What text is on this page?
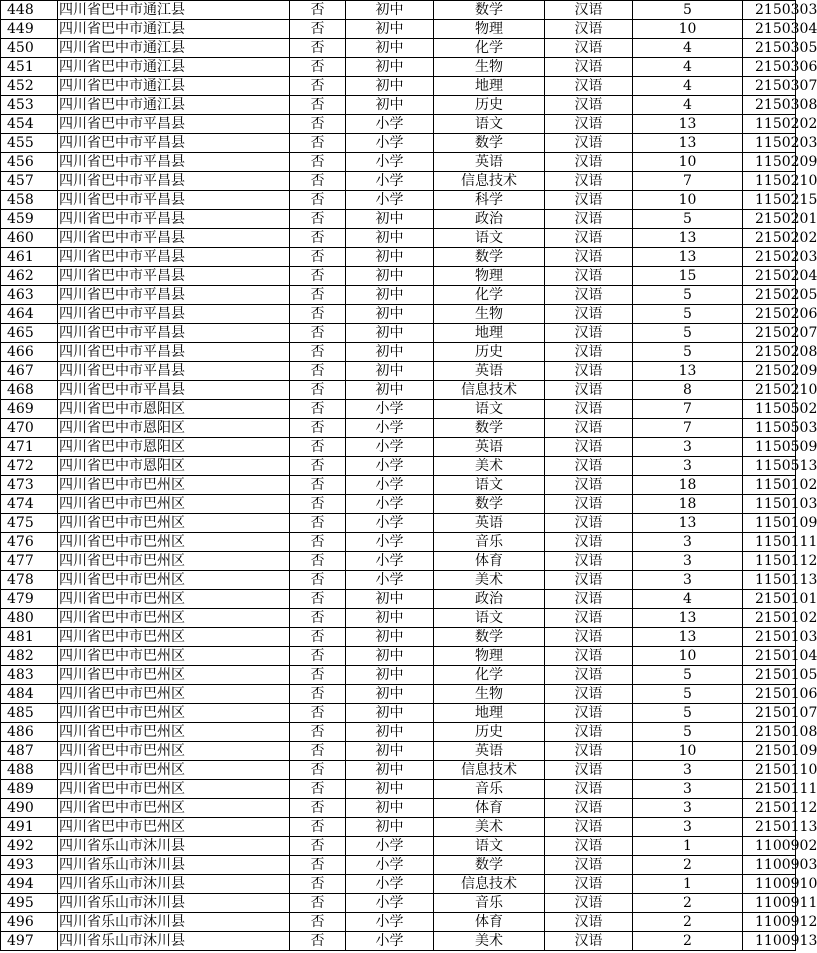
448	四川省巴中市通江县	否	初中	数学	汉语	5	2150303
449	四川省巴中市通江县	否	初中	物理	汉语	10	2150304
450	四川省巴中市通江县	否	初中	化学	汉语	4	2150305
451	四川省巴中市通江县	否	初中	生物	汉语	4	2150306
452	四川省巴中市通江县	否	初中	地理	汉语	4	2150307
453	四川省巴中市通江县	否	初中	历史	汉语	4	2150308
454	四川省巴中市平昌县	否	小学	语文	汉语	13	1150202
455	四川省巴中市平昌县	否	小学	数学	汉语	13	1150203
456	四川省巴中市平昌县	否	小学	英语	汉语	10	1150209
457	四川省巴中市平昌县	否	小学	信息技术	汉语	7	1150210
458	四川省巴中市平昌县	否	小学	科学	汉语	10	1150215
459	四川省巴中市平昌县	否	初中	政治	汉语	5	2150201
460	四川省巴中市平昌县	否	初中	语文	汉语	13	2150202
461	四川省巴中市平昌县	否	初中	数学	汉语	13	2150203
462	四川省巴中市平昌县	否	初中	物理	汉语	15	2150204
463	四川省巴中市平昌县	否	初中	化学	汉语	5	2150205
464	四川省巴中市平昌县	否	初中	生物	汉语	5	2150206
465	四川省巴中市平昌县	否	初中	地理	汉语	5	2150207
466	四川省巴中市平昌县	否	初中	历史	汉语	5	2150208
467	四川省巴中市平昌县	否	初中	英语	汉语	13	2150209
468	四川省巴中市平昌县	否	初中	信息技术	汉语	8	2150210
469	四川省巴中市恩阳区	否	小学	语文	汉语	7	1150502
470	四川省巴中市恩阳区	否	小学	数学	汉语	7	1150503
471	四川省巴中市恩阳区	否	小学	英语	汉语	3	1150509
472	四川省巴中市恩阳区	否	小学	美术	汉语	3	1150513
473	四川省巴中市巴州区	否	小学	语文	汉语	18	1150102
474	四川省巴中市巴州区	否	小学	数学	汉语	18	1150103
475	四川省巴中市巴州区	否	小学	英语	汉语	13	1150109
476	四川省巴中市巴州区	否	小学	音乐	汉语	3	1150111
477	四川省巴中市巴州区	否	小学	体育	汉语	3	1150112
478	四川省巴中市巴州区	否	小学	美术	汉语	3	1150113
479	四川省巴中市巴州区	否	初中	政治	汉语	4	2150101
480	四川省巴中市巴州区	否	初中	语文	汉语	13	2150102
481	四川省巴中市巴州区	否	初中	数学	汉语	13	2150103
482	四川省巴中市巴州区	否	初中	物理	汉语	10	2150104
483	四川省巴中市巴州区	否	初中	化学	汉语	5	2150105
484	四川省巴中市巴州区	否	初中	生物	汉语	5	2150106
485	四川省巴中市巴州区	否	初中	地理	汉语	5	2150107
486	四川省巴中市巴州区	否	初中	历史	汉语	5	2150108
487	四川省巴中市巴州区	否	初中	英语	汉语	10	2150109
488	四川省巴中市巴州区	否	初中	信息技术	汉语	3	2150110
489	四川省巴中市巴州区	否	初中	音乐	汉语	3	2150111
490	四川省巴中市巴州区	否	初中	体育	汉语	3	2150112
491	四川省巴中市巴州区	否	初中	美术	汉语	3	2150113
492	四川省乐山市沐川县	否	小学	语文	汉语	1	1100902
493	四川省乐山市沐川县	否	小学	数学	汉语	2	1100903
494	四川省乐山市沐川县	否	小学	信息技术	汉语	1	1100910
495	四川省乐山市沐川县	否	小学	音乐	汉语	2	1100911
496	四川省乐山市沐川县	否	小学	体育	汉语	2	1100912
497	四川省乐山市沐川县	否	小学	美术	汉语	2	1100913
